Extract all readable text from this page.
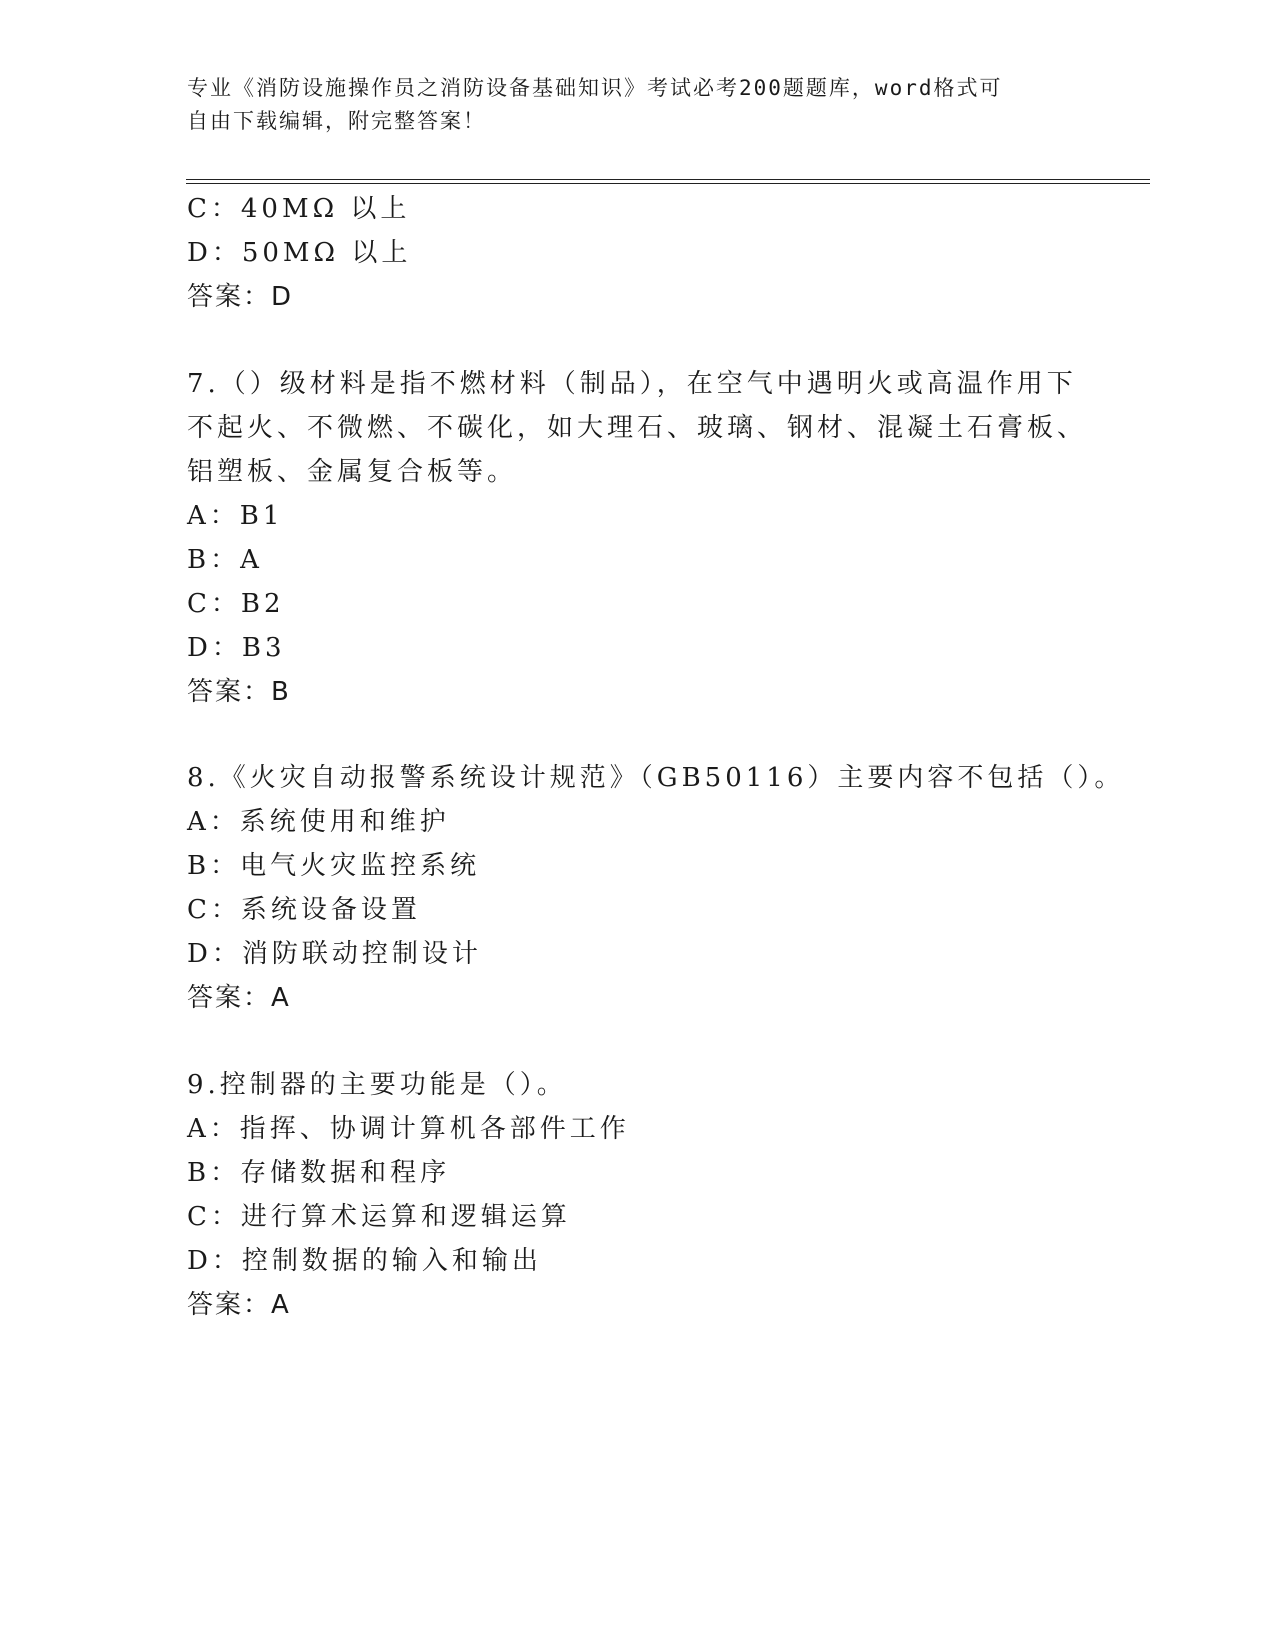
专业《消防设施操作员之消防设备基础知识》考试必考200题题库，word格式可
自由下载编辑，附完整答案！
C：40MΩ 以上
D：50MΩ 以上
答案：D
7.（）级材料是指不燃材料（制品），在空气中遇明火或高温作用下
不起火、不微燃、不碳化，如大理石、玻璃、钢材、混凝土石膏板、
铝塑板、金属复合板等。
A：B1
B：A
C：B2
D：B3
答案：B
8.《火灾自动报警系统设计规范》（GB50116）主要内容不包括（）。
A：系统使用和维护
B：电气火灾监控系统
C：系统设备设置
D：消防联动控制设计
答案：A
9.控制器的主要功能是（）。
A：指挥、协调计算机各部件工作
B：存储数据和程序
C：进行算术运算和逻辑运算
D：控制数据的输入和输出
答案：A
